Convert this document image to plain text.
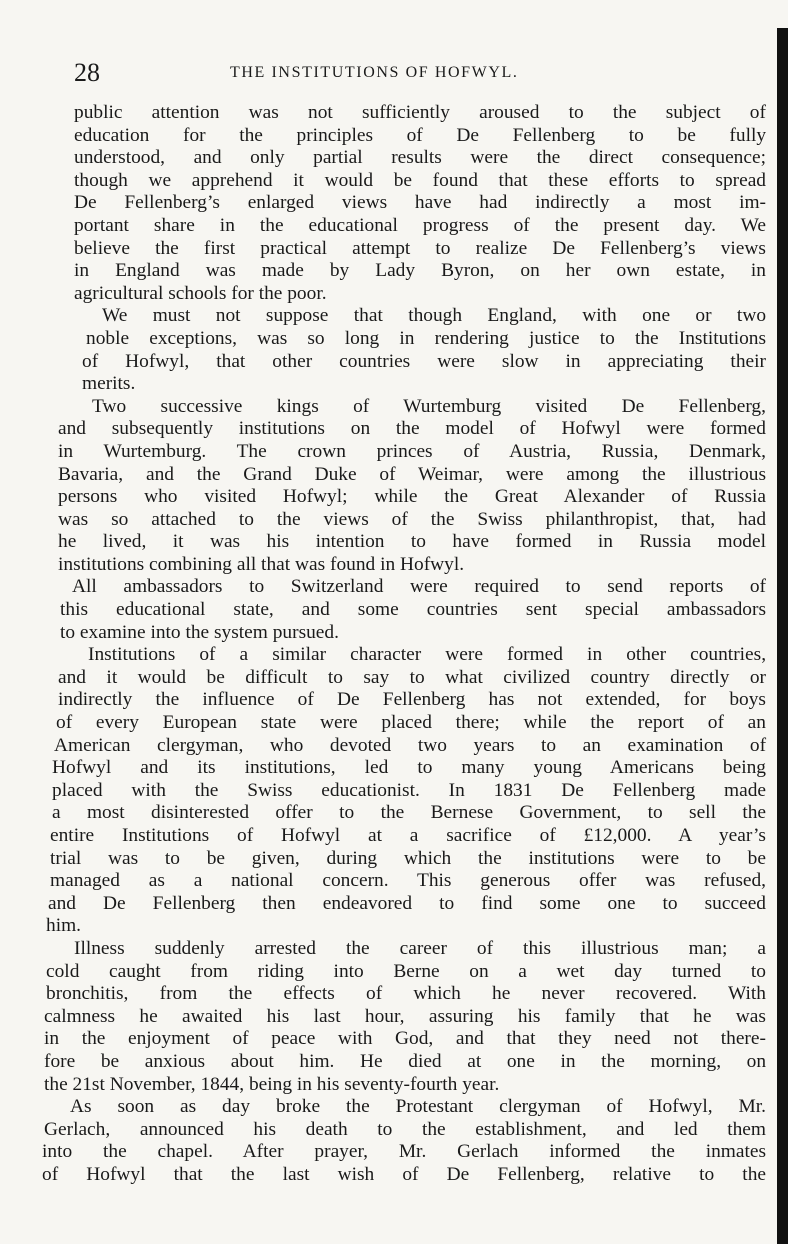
28	THE INSTITUTIONS OF HOFWYL.
public attention was not sufficiently aroused to the subject of
education for the principles of De Fellenberg to be fully
understood, and only partial results were the direct consequence;
though we apprehend it would be found that these efforts to spread
De Fellenberg’s enlarged views have had indirectly a most im-
portant share in the educational progress of the present day. We
believe the first practical attempt to realize De Fellenberg’s views
in England was made by Lady Byron, on her own estate, in
agricultural schools for the poor.
We must not suppose that though England, with one or two
noble exceptions, was so long in rendering justice to the Institutions
of Hofwyl, that other countries were slow in appreciating their
merits.
Two successive kings of Wurtemburg visited De Fellenberg,
and subsequently institutions on the model of Hofwyl were formed
in Wurtemburg. The crown princes of Austria, Russia, Denmark,
Bavaria, and the Grand Duke of Weimar, were among the illustrious
persons who visited Hofwyl; while the Great Alexander of Russia
was so attached to the views of the Swiss philanthropist, that, had
he lived, it was his intention to have formed in Russia model
institutions combining all that was found in Hofwyl.
All ambassadors to Switzerland were required to send reports of
this educational state, and some countries sent special ambassadors
to examine into the system pursued.
Institutions of a similar character were formed in other countries,
and it would be difficult to say to what civilized country directly or
indirectly the influence of De Fellenberg has not extended, for boys
of every European state were placed there; while the report of an
American clergyman, who devoted two years to an examination of
Hofwyl and its institutions, led to many young Americans being
placed with the Swiss educationist. In 1831 De Fellenberg made
a most disinterested offer to the Bernese Government, to sell the
entire Institutions of Hofwyl at a sacrifice of £12,000. A year’s
trial was to be given, during which the institutions were to be
managed as a national concern. This generous offer was refused,
and De Fellenberg then endeavored to find some one to succeed
him.
Illness suddenly arrested the career of this illustrious man; a
cold caught from riding into Berne on a wet day turned to
bronchitis, from the effects of which he never recovered. With
calmness he awaited his last hour, assuring his family that he was
in the enjoyment of peace with God, and that they need not there-
fore be anxious about him. He died at one in the morning, on
the 21st November, 1844, being in his seventy-fourth year.
As soon as day broke the Protestant clergyman of Hofwyl, Mr.
Gerlach, announced his death to the establishment, and led them
into the chapel. After prayer, Mr. Gerlach informed the inmates
of Hofwyl that the last wish of De Fellenberg, relative to the
